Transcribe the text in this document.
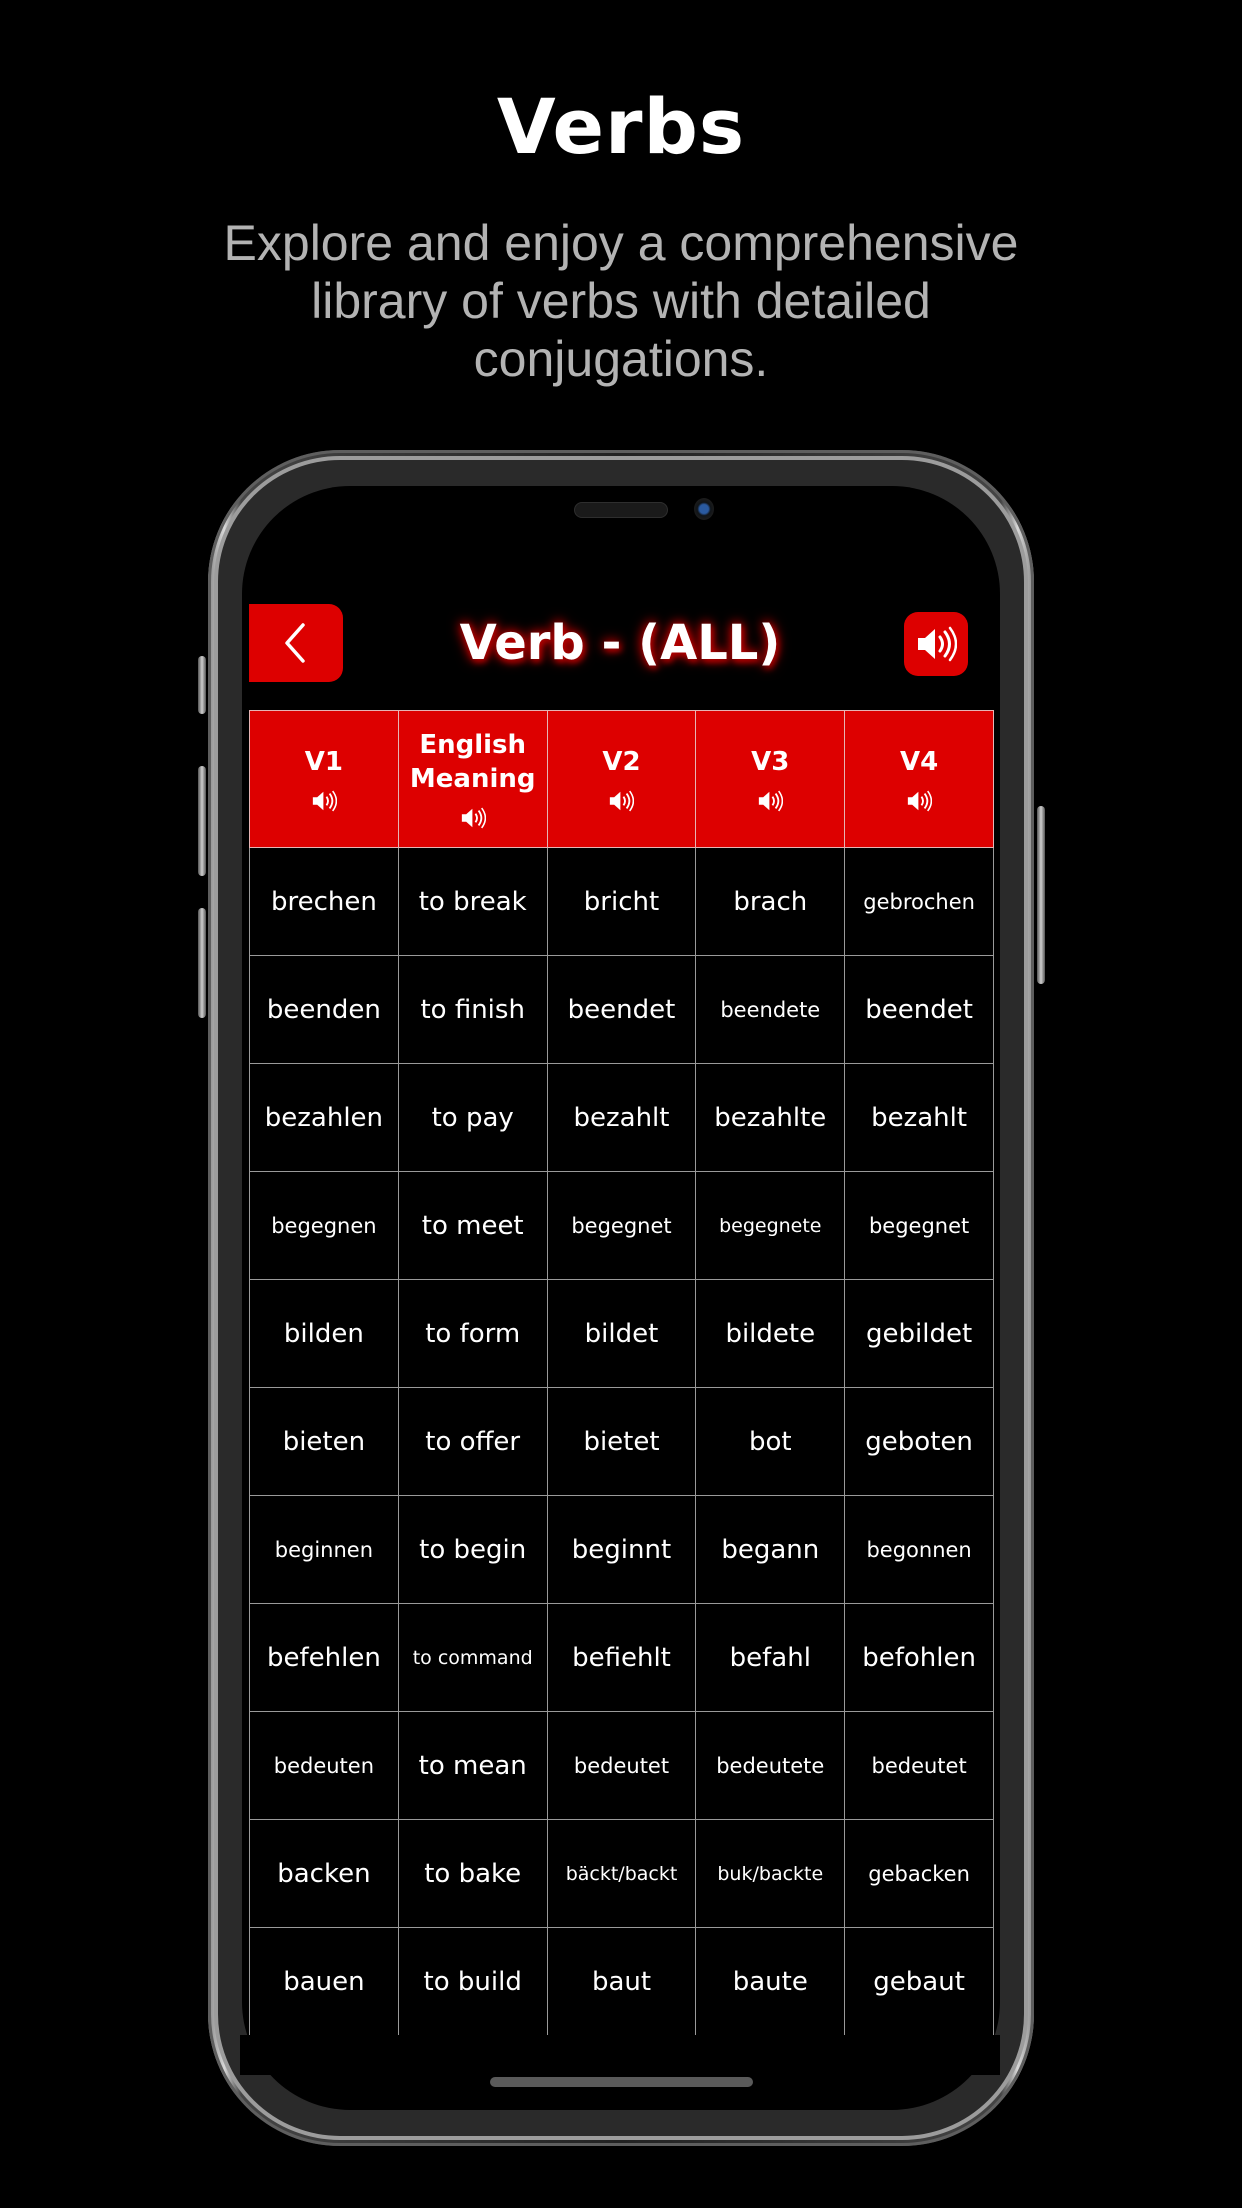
Verbs
Explore and enjoy a comprehensive library of verbs with detailed conjugations.
Verb - (ALL)
V1	English Meaning	V2	V3	V4

brechen	to break	bricht	brach	gebrochen
beenden	to finish	beendet	beendete	beendet
bezahlen	to pay	bezahlt	bezahlte	bezahlt
begegnen	to meet	begegnet	begegnete	begegnet
bilden	to form	bildet	bildete	gebildet
bieten	to offer	bietet	bot	geboten
beginnen	to begin	beginnt	begann	begonnen
befehlen	to command	befiehlt	befahl	befohlen
bedeuten	to mean	bedeutet	bedeutete	bedeutet
backen	to bake	bäckt/backt	buk/backte	gebacken
bauen	to build	baut	baute	gebaut
